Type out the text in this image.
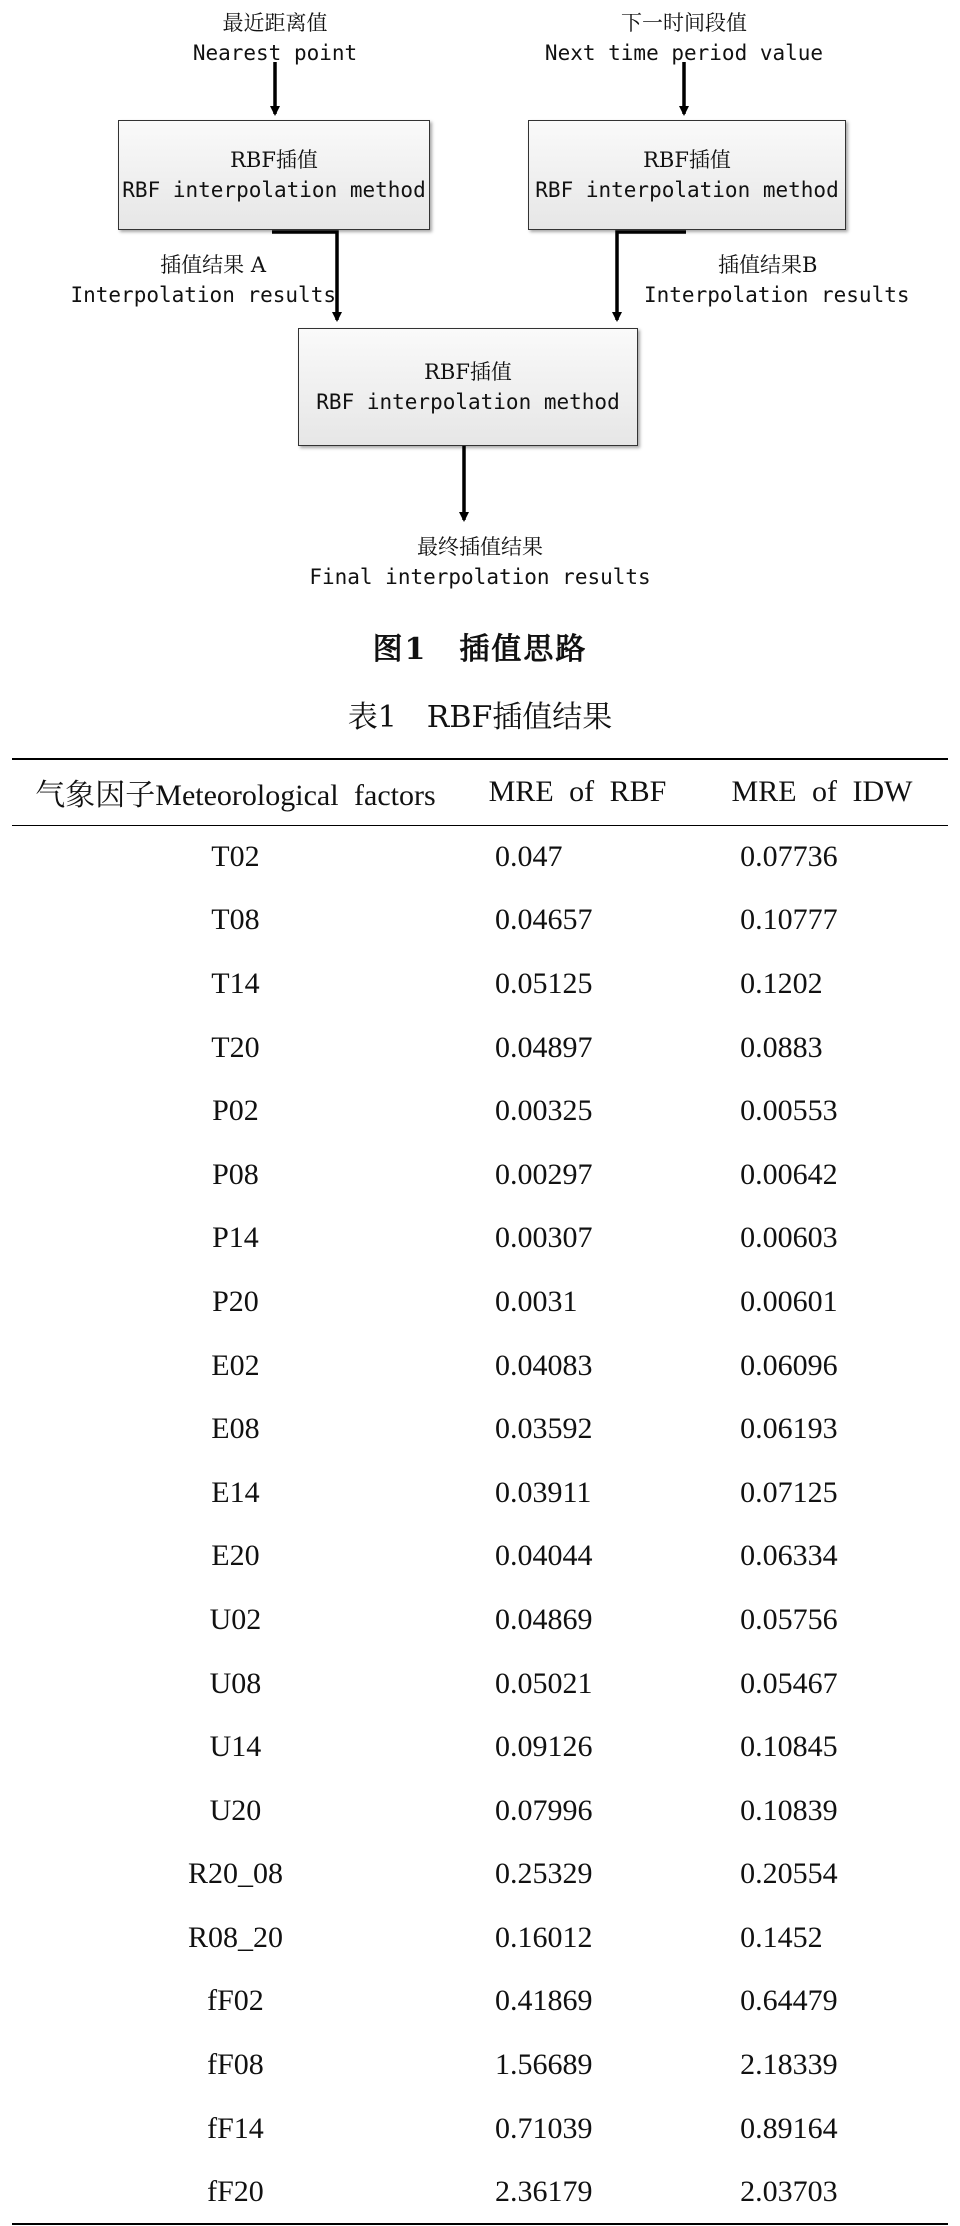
最近距离值
Nearest point
下一时间段值
Next time period value
RBF插值
RBF interpolation method
RBF插值
RBF interpolation method
插值结果 A
Interpolation results
插值结果B
Interpolation results
RBF插值
RBF interpolation method
最终插值结果
Final interpolation results
图1　插值思路
表1　RBF插值结果
气象因子Meteorological factors	MRE of RBF	MRE of IDW
T02	0.047	0.07736
T08	0.04657	0.10777
T14	0.05125	0.1202
T20	0.04897	0.0883
P02	0.00325	0.00553
P08	0.00297	0.00642
P14	0.00307	0.00603
P20	0.0031	0.00601
E02	0.04083	0.06096
E08	0.03592	0.06193
E14	0.03911	0.07125
E20	0.04044	0.06334
U02	0.04869	0.05756
U08	0.05021	0.05467
U14	0.09126	0.10845
U20	0.07996	0.10839
R20_08	0.25329	0.20554
R08_20	0.16012	0.1452
fF02	0.41869	0.64479
fF08	1.56689	2.18339
fF14	0.71039	0.89164
fF20	2.36179	2.03703
